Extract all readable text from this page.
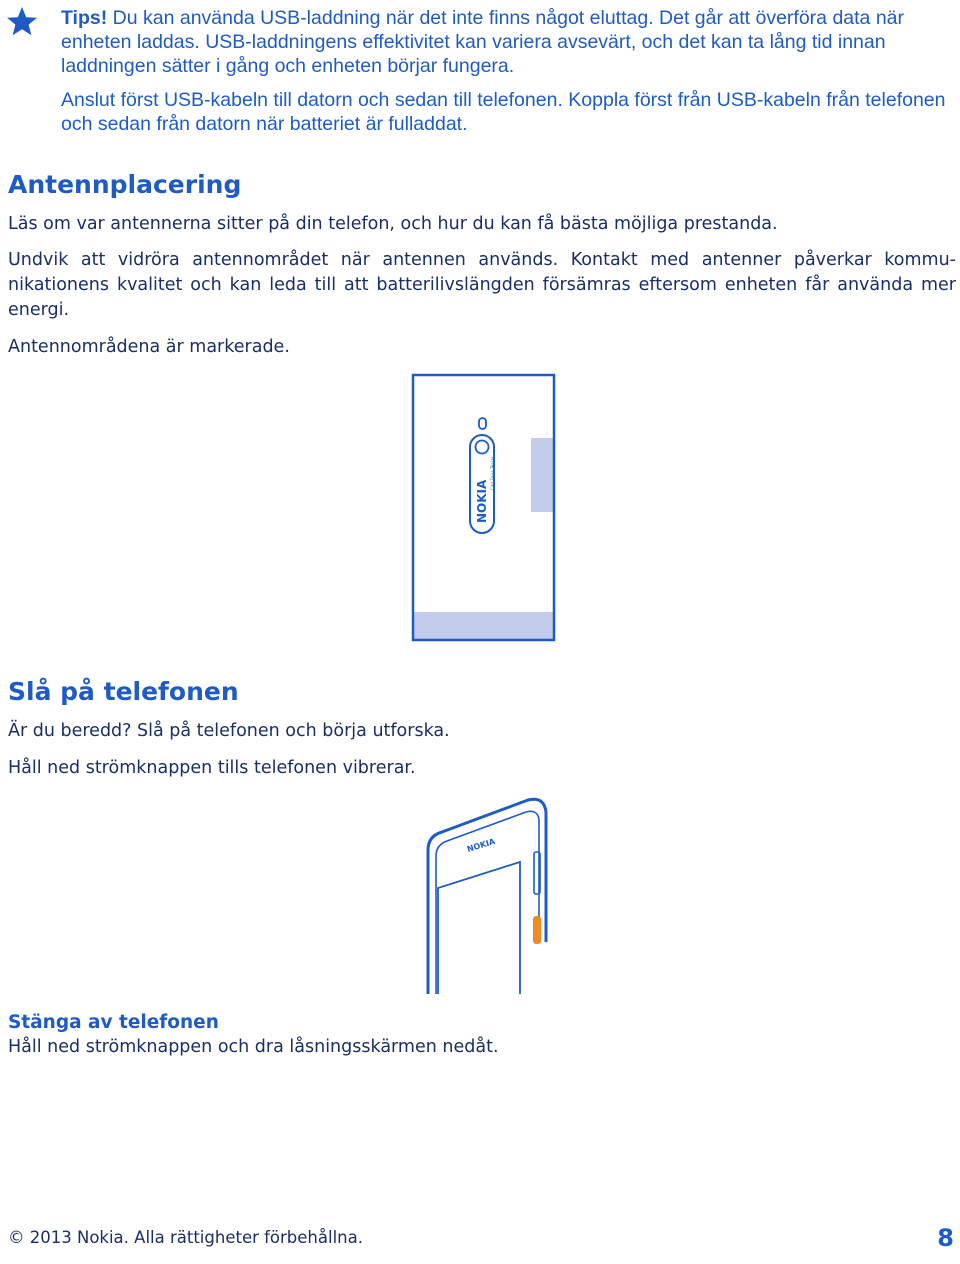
Tips! Du kan använda USB-laddning när det inte finns något eluttag. Det går att överföra data när enheten laddas. USB-laddningens effektivitet kan variera avsevärt, och det kan ta lång tid innan laddningen sätter i gång och enheten börjar fungera.

Anslut först USB-kabeln till datorn och sedan till telefonen. Koppla först från USB-kabeln från telefonen och sedan från datorn när batteriet är fulladdat.

Antennplacering

Läs om var antennerna sitter på din telefon, och hur du kan få bästa möjliga prestanda.

Undvik att vidröra antennområdet när antennen används. Kontakt med antenner påverkar kommu-nikationens kvalitet och kan leda till att batterilivslängden försämras eftersom enheten får använda mer energi.

Antennområdena är markerade.

NOKIA
Carl Zeiss Tessar
Slå på telefonen

Är du beredd? Slå på telefonen och börja utforska.

Håll ned strömknappen tills telefonen vibrerar.

NOKIA
Stänga av telefonen

Håll ned strömknappen och dra låsningsskärmen nedåt.

© 2013 Nokia. Alla rättigheter förbehållna.	8
